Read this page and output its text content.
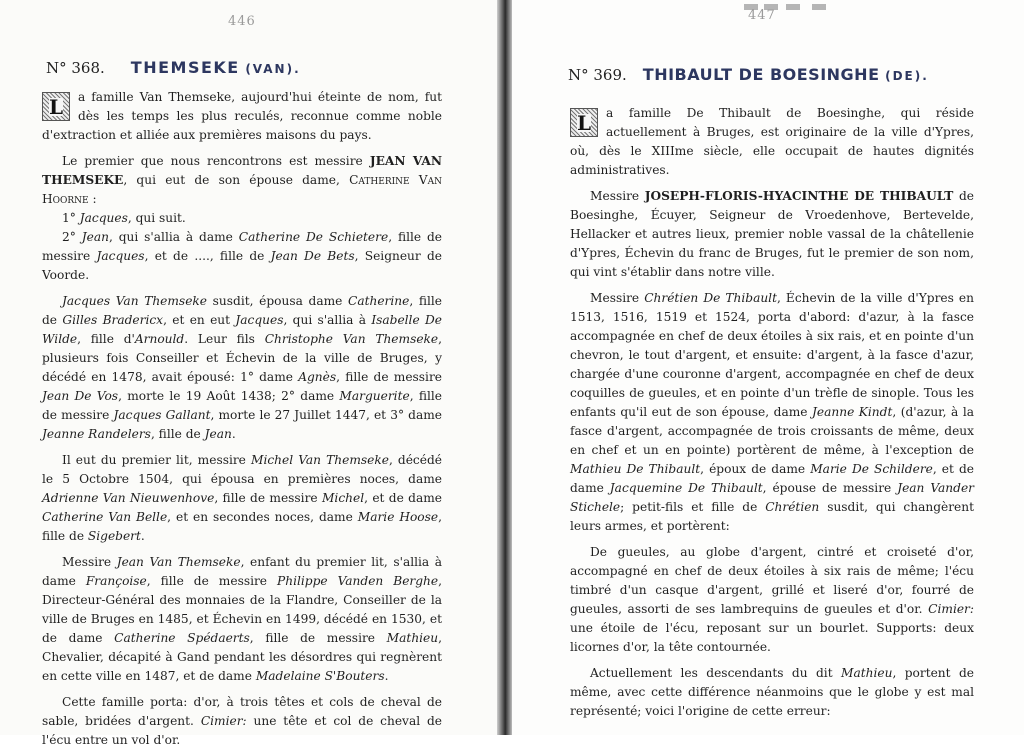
446
N° 368. THEMSEKE (VAN).

L a famille Van Themseke, aujourd'hui éteinte de nom, fut dès les temps les plus reculés, reconnue comme noble d'extraction et alliée aux premières maisons du pays.

Le premier que nous rencontrons est messire JEAN VAN THEMSEKE, qui eut de son épouse dame, Catherine Van Hoorne :

1° Jacques, qui suit.

2° Jean, qui s'allia à dame Catherine De Schietere, fille de messire Jacques, et de ...., fille de Jean De Bets, Seigneur de Voorde.

Jacques Van Themseke susdit, épousa dame Catherine, fille de Gilles Bradericx, et en eut Jacques, qui s'allia à Isabelle De Wilde, fille d'Arnould. Leur fils Christophe Van Themseke, plusieurs fois Conseiller et Échevin de la ville de Bruges, y décédé en 1478, avait épousé: 1° dame Agnès, fille de messire Jean De Vos, morte le 19 Août 1438; 2° dame Marguerite, fille de messire Jacques Gallant, morte le 27 Juillet 1447, et 3° dame Jeanne Randelers, fille de Jean.

Il eut du premier lit, messire Michel Van Themseke, décédé le 5 Octobre 1504, qui épousa en premières noces, dame Adrienne Van Nieuwenhove, fille de messire Michel, et de dame Catherine Van Belle, et en secondes noces, dame Marie Hoose, fille de Sigebert.

Messire Jean Van Themseke, enfant du premier lit, s'allia à dame Françoise, fille de messire Philippe Vanden Berghe, Directeur-Général des monnaies de la Flandre, Conseiller de la ville de Bruges en 1485, et Échevin en 1499, décédé en 1530, et de dame Catherine Spédaerts, fille de messire Mathieu, Chevalier, décapité à Gand pendant les désordres qui regnèrent en cette ville en 1487, et de dame Madelaine S'Bouters.

Cette famille porta: d'or, à trois têtes et cols de cheval de sable, bridées d'argent. Cimier: une tête et col de cheval de l'écu entre un vol d'or.

447
N° 369. THIBAULT DE BOESINGHE (DE).

L a famille De Thibault de Boesinghe, qui réside actuellement à Bruges, est originaire de la ville d'Ypres, où, dès le XIIIme siècle, elle occupait de hautes dignités administratives.

Messire JOSEPH-FLORIS-HYACINTHE DE THIBAULT de Boesinghe, Écuyer, Seigneur de Vroedenhove, Bertevelde, Hellacker et autres lieux, premier noble vassal de la châtellenie d'Ypres, Échevin du franc de Bruges, fut le premier de son nom, qui vint s'établir dans notre ville.

Messire Chrétien De Thibault, Échevin de la ville d'Ypres en 1513, 1516, 1519 et 1524, porta d'abord: d'azur, à la fasce accompagnée en chef de deux étoiles à six rais, et en pointe d'un chevron, le tout d'argent, et ensuite: d'argent, à la fasce d'azur, chargée d'une couronne d'argent, accompagnée en chef de deux coquilles de gueules, et en pointe d'un trèfle de sinople. Tous les enfants qu'il eut de son épouse, dame Jeanne Kindt, (d'azur, à la fasce d'argent, accompagnée de trois croissants de même, deux en chef et un en pointe) portèrent de même, à l'exception de Mathieu De Thibault, époux de dame Marie De Schildere, et de dame Jacquemine De Thibault, épouse de messire Jean Vander Stichele; petit-fils et fille de Chrétien susdit, qui changèrent leurs armes, et portèrent:

De gueules, au globe d'argent, cintré et croiseté d'or, accompagné en chef de deux étoiles à six rais de même; l'écu timbré d'un casque d'argent, grillé et liseré d'or, fourré de gueules, assorti de ses lambrequins de gueules et d'or. Cimier: une étoile de l'écu, reposant sur un bourlet. Supports: deux licornes d'or, la tête contournée.

Actuellement les descendants du dit Mathieu, portent de même, avec cette différence néanmoins que le globe y est mal représenté; voici l'origine de cette erreur:
